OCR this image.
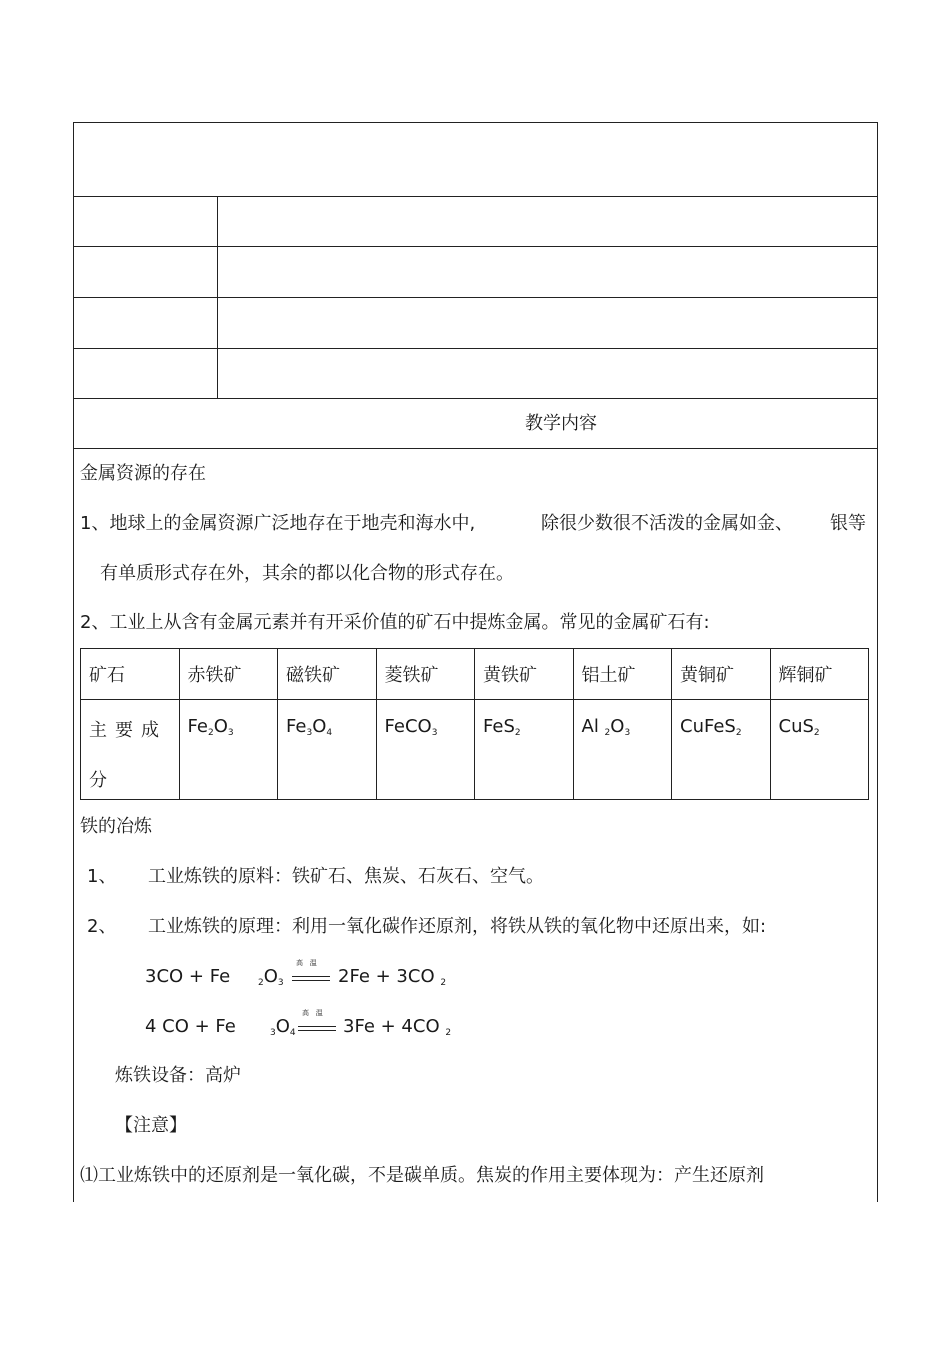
教学内容
金属资源的存在
1、地球上的金属资源广泛地存在于地壳和海水中,	除很少数很不活泼的金属如金、 银等
有单质形式存在外，其余的都以化合物的形式存在。
2、工业上从含有金属元素并有开采价值的矿石中提炼金属。常见的金属矿石有:
矿石	赤铁矿	磁铁矿	菱铁矿	黄铁矿	铝土矿	黄铜矿	辉铜矿

主要成
分	$Fe_2O_3$	$Fe_3O_4$	FeCO$_3$	FeS$_2$	Al $_2O_3$	CuFeS$_2$	CuS$_2$
铁的冶炼
1、 工业炼铁的原料：铁矿石、焦炭、石灰石、空气。
2、 工业炼铁的原理：利用一氧化碳作还原剂，将铁从铁的氧化物中还原出来，如:
3CO + Fe	$_2O_3$
高 温
2Fe + 3CO $_2$
4 CO + Fe	$_3O_4$
高 温
3Fe + 4CO $_2$
炼铁设备：高炉
【注意】
⑴工业炼铁中的还原剂是一氧化碳，不是碳单质。焦炭的作用主要体现为：产生还原剂
